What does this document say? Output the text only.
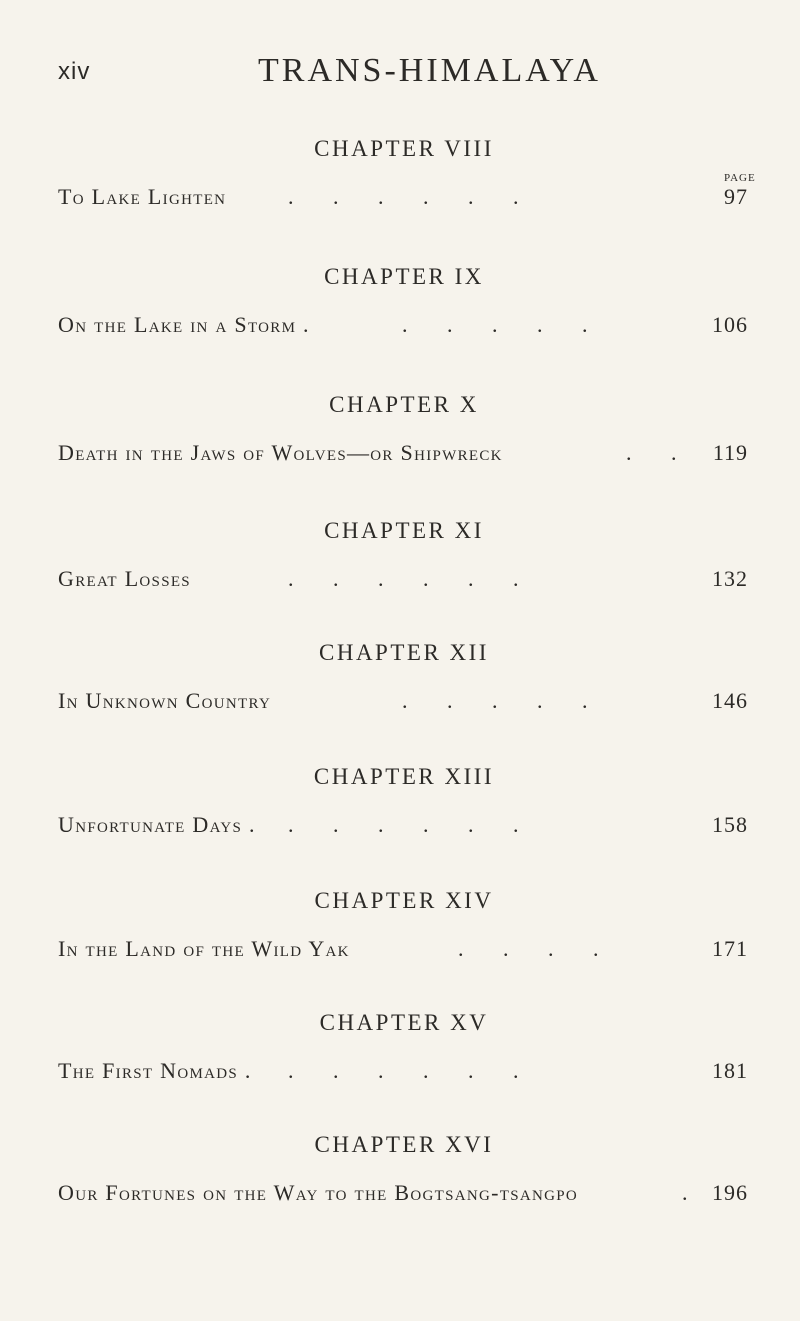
xiv	TRANS-HIMALAYA
PAGE
CHAPTER VIII
To Lake Lighten	. . . . . .	97
CHAPTER IX
On the Lake in a Storm .	. . . . .	106
CHAPTER X
Death in the Jaws of Wolves—or Shipwreck	. . 119
CHAPTER XI
Great Losses	. . . . . .	132
CHAPTER XII
In Unknown Country	. . . . .	146
CHAPTER XIII
Unfortunate Days . . . . . . .	158
CHAPTER XIV
In the Land of the Wild Yak	. . . .	171
CHAPTER XV
The First Nomads . . . . . . .	181
CHAPTER XVI
Our Fortunes on the Way to the Bogtsang-tsangpo	. 196
